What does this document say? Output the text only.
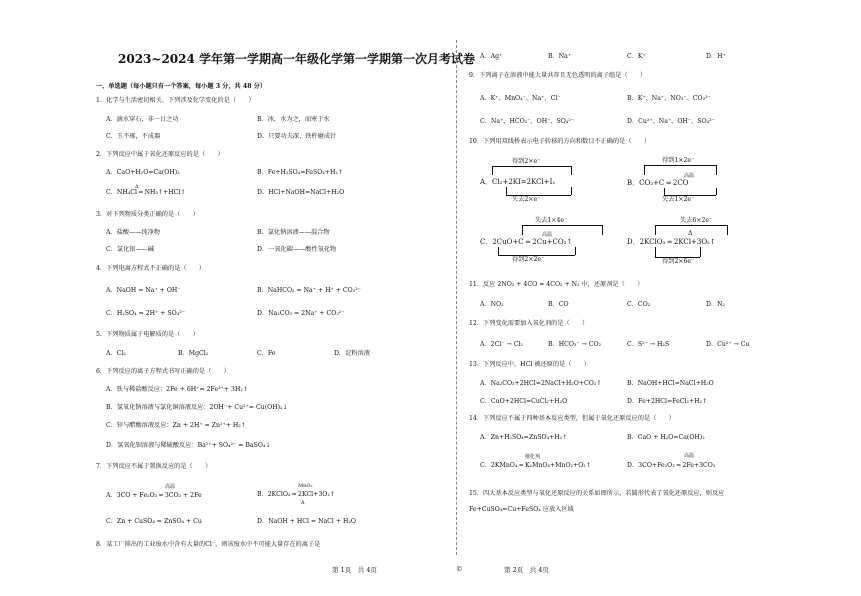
2023~2024 学年第一学期高一年级化学第一学期第一次月考试卷
一、单选题（每小题只有一个答案，每小题 3 分，共 48 分）
1．化学与生活密切相关、下列涉及化学变化的是（　　）
A．滴水穿石，非一日之功	B．冰，水为之，而寒于水
C．玉不琢，不成器	D．只要功夫深，铁杵磨成针
2．下列反应中属于氧化还原反应的是（　　）
A．CaO+H₂O=Ca(OH)₂	B．Fe+H₂SO₄=FeSO₄+H₂↑
Δ
C．NH₄Cl ═ NH₃↑+HCl↑	D．HCl+NaOH=NaCl+H₂O
3．对下列物质分类正确的是（　　）
A．盐酸——纯净物	B．氯化钠溶液——混合物
C．氯化银——碱	D．一氧化碳——酸性氧化物
4．下列电离方程式不正确的是（　　）
A．NaOH = Na⁺ + OH⁻	B．NaHCO₃ = Na⁺ + H⁺ + CO₃²⁻
C．H₂SO₄ = 2H⁺ + SO₄²⁻	D．Na₂CO₃ = 2Na⁺ + CO₃²⁻
5．下列物质属于电解质的是（　　）
A．Cl₂	B．MgCl₂	C．Fe	D．淀粉溶液
6．下列反应的离子方程式书写正确的是（　　）
A．铁与稀盐酸反应：2Fe + 6H⁺= 2Fe³⁺+ 3H₂↑
B．氢氧化钠溶液与氯化铜溶液反应：2OH⁻+ Cu²⁺= Cu(OH)₂↓
C．锌与醋酸溶液反应：Zn + 2H⁺ = Zn²⁺+ H₂↑
D．氢氧化钡溶液与稀硫酸反应：Ba²⁺+ SO₄²⁻ = BaSO₄↓
7．下列反应不属于置换反应的是（　　）
高温
A．3CO + Fe₂O₃ ═ 3CO₂ + 2Fe
MnO₂
B．2KClO₃ ═ 2KCl+3O₂↑
Δ
C．Zn + CuSO₄ = ZnSO₄ + Cu	D．NaOH + HCl = NaCl + H₂O
8．某工厂排出的工业废水中含有大量的Cl⁻，则该废水中不可能大量存在的离子是
第 1页　共 4页
A．Ag⁺	B．Na⁺	C．K⁺	D．H⁺
9．下列离子在溶液中能大量共存且无色透明的离子组是（　　）
A．K⁺、MnO₄⁻、Na⁺、Cl⁻	B．K⁺、Na⁺、NO₃⁻、CO₃²⁻
C．Na⁺、HCO₃⁻、OH⁻、SO₄²⁻	D．Cu²⁺、Na⁺、OH⁻、SO₄²⁻
10．下列用双线桥表示电子转移的方向和数目不正确的是（　　）
得到2×e⁻
A．Cl₂+2KI=2KCl+I₂
失去2×e⁻
得到1×2e⁻
高温
B．CO₂+C ═ 2CO
失去1×2e⁻
失去1×4e⁻
高温
C．2CuO+C ═ 2Cu+CO₂↑
得到2×2e⁻
失去6×2e⁻
Δ
D．2KClO₃ ═ 2KCl+3O₂↑
得到2×6e⁻
11．反应 2NO₂ + 4CO = 4CO₂ + N₂ 中，还原剂是（　　）
A．NO₂	B．CO	C．CO₂	D．N₂
12．下列变化需要加入氧化剂的是（　　）
A．2Cl⁻ → Cl₂	B．HCO₃⁻ → CO₂	C．S²⁻ → H₂S	D．Cu²⁺ → Cu
13．下列反应中，HCl 被还原的是（　　）
A．Na₂CO₃+2HCl=2NaCl+H₂O+CO₂↑	B．NaOH+HCl=NaCl+H₂O
C．CuO+2HCl=CuCl₂+H₂O	D．Fe+2HCl=FeCl₂+H₂↑
14．下列反应不属于四种基本反应类型，但属于氧化还原反应的是（　　）
A．Zn+H₂SO₄=ZnSO₄+H₂↑	B．CaO + H₂O=Ca(OH)₂
催化剂
C．2KMnO₄ ═ K₂MnO₄+MnO₂+O₂↑
高温
D．3CO+Fe₂O₃ ═ 2Fe+3CO₂
15．四大基本反应类型与氧化还原反应的关系如图所示，若圆形代表了氧化还原反应，则反应
Fe+CuSO₄=Cu+FeSO₄ 应放入区域
©	第 2页　共 4页
